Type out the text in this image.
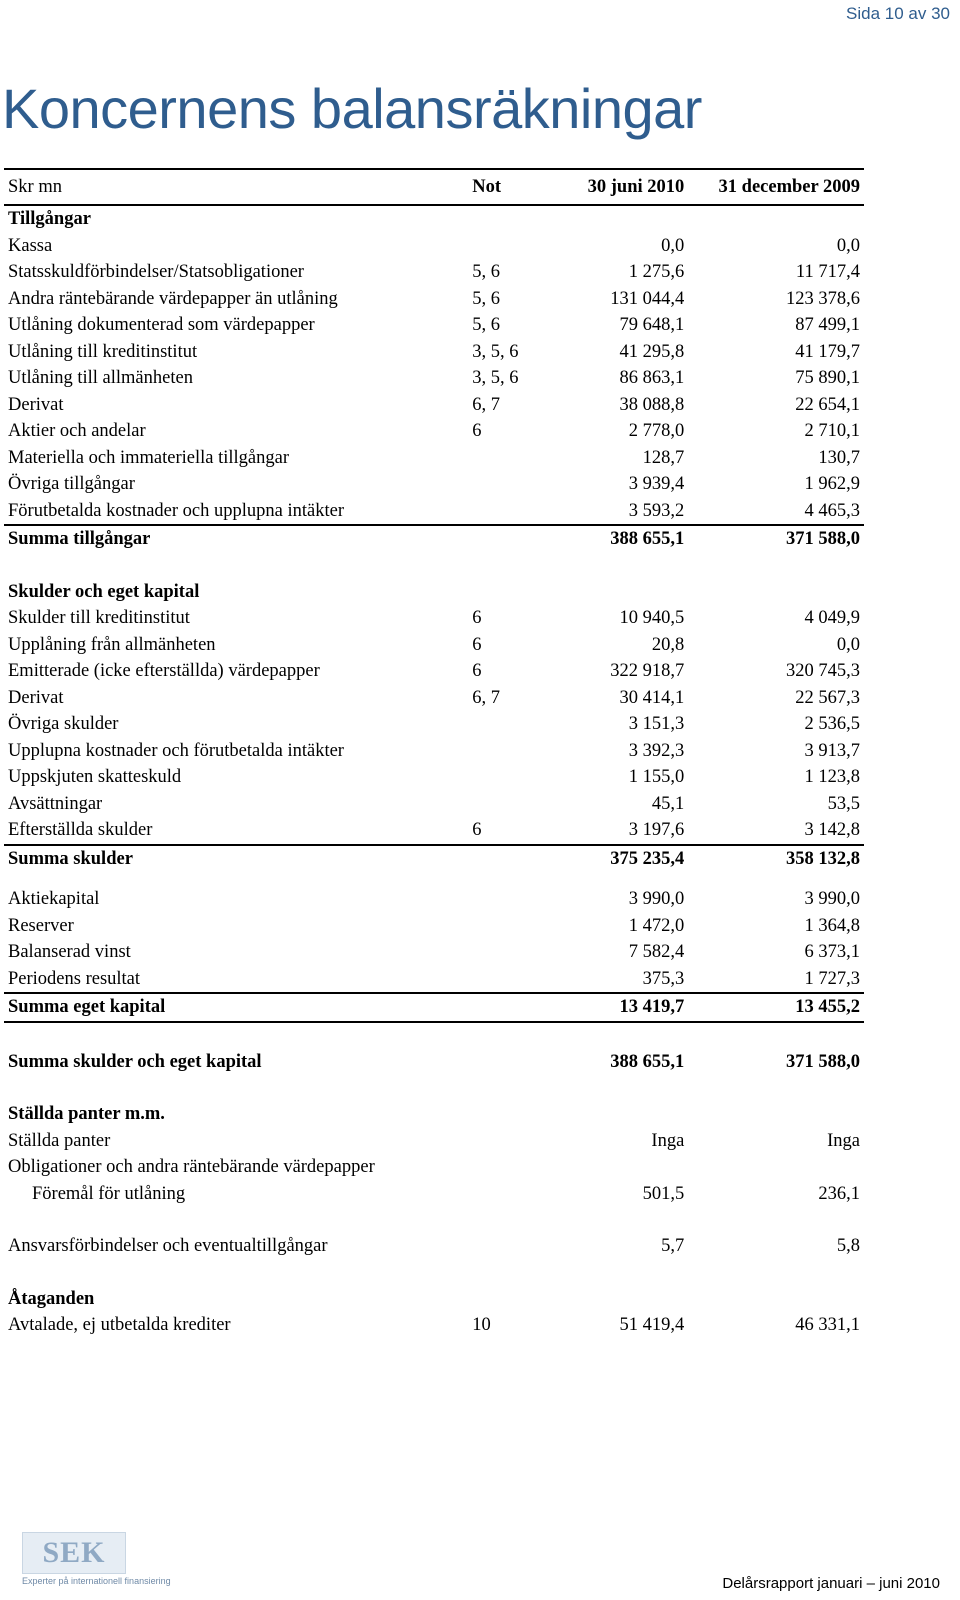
Sida 10 av 30
Koncernens balansräkningar
Skr mn	Not	30 juni 2010	31 december 2009
Tillgångar			
Kassa		0,0	0,0
Statsskuldförbindelser/Statsobligationer	5, 6	1 275,6	11 717,4
Andra räntebärande värdepapper än utlåning	5, 6	131 044,4	123 378,6
Utlåning dokumenterad som värdepapper	5, 6	79 648,1	87 499,1
Utlåning till kreditinstitut	3, 5, 6	41 295,8	41 179,7
Utlåning till allmänheten	3, 5, 6	86 863,1	75 890,1
Derivat	6, 7	38 088,8	22 654,1
Aktier och andelar	6	2 778,0	2 710,1
Materiella och immateriella tillgångar		128,7	130,7
Övriga tillgångar		3 939,4	1 962,9
Förutbetalda kostnader och upplupna intäkter		3 593,2	4 465,3
Summa tillgångar		388 655,1	371 588,0

Skulder och eget kapital			
Skulder till kreditinstitut	6	10 940,5	4 049,9
Upplåning från allmänheten	6	20,8	0,0
Emitterade (icke efterställda) värdepapper	6	322 918,7	320 745,3
Derivat	6, 7	30 414,1	22 567,3
Övriga skulder		3 151,3	2 536,5
Upplupna kostnader och förutbetalda intäkter		3 392,3	3 913,7
Uppskjuten skatteskuld		1 155,0	1 123,8
Avsättningar		45,1	53,5
Efterställda skulder	6	3 197,6	3 142,8
Summa skulder		375 235,4	358 132,8

Aktiekapital		3 990,0	3 990,0
Reserver		1 472,0	1 364,8
Balanserad vinst		7 582,4	6 373,1
Periodens resultat		375,3	1 727,3
Summa eget kapital		13 419,7	13 455,2

Summa skulder och eget kapital		388 655,1	371 588,0

Ställda panter m.m.			
Ställda panter		Inga	Inga
Obligationer och andra räntebärande värdepapper			
Föremål för utlåning		501,5	236,1

Ansvarsförbindelser och eventualtillgångar		5,7	5,8

Åtaganden			
Avtalade, ej utbetalda krediter	10	51 419,4	46 331,1
SEK
Experter på internationell finansiering	Delårsrapport januari – juni 2010
